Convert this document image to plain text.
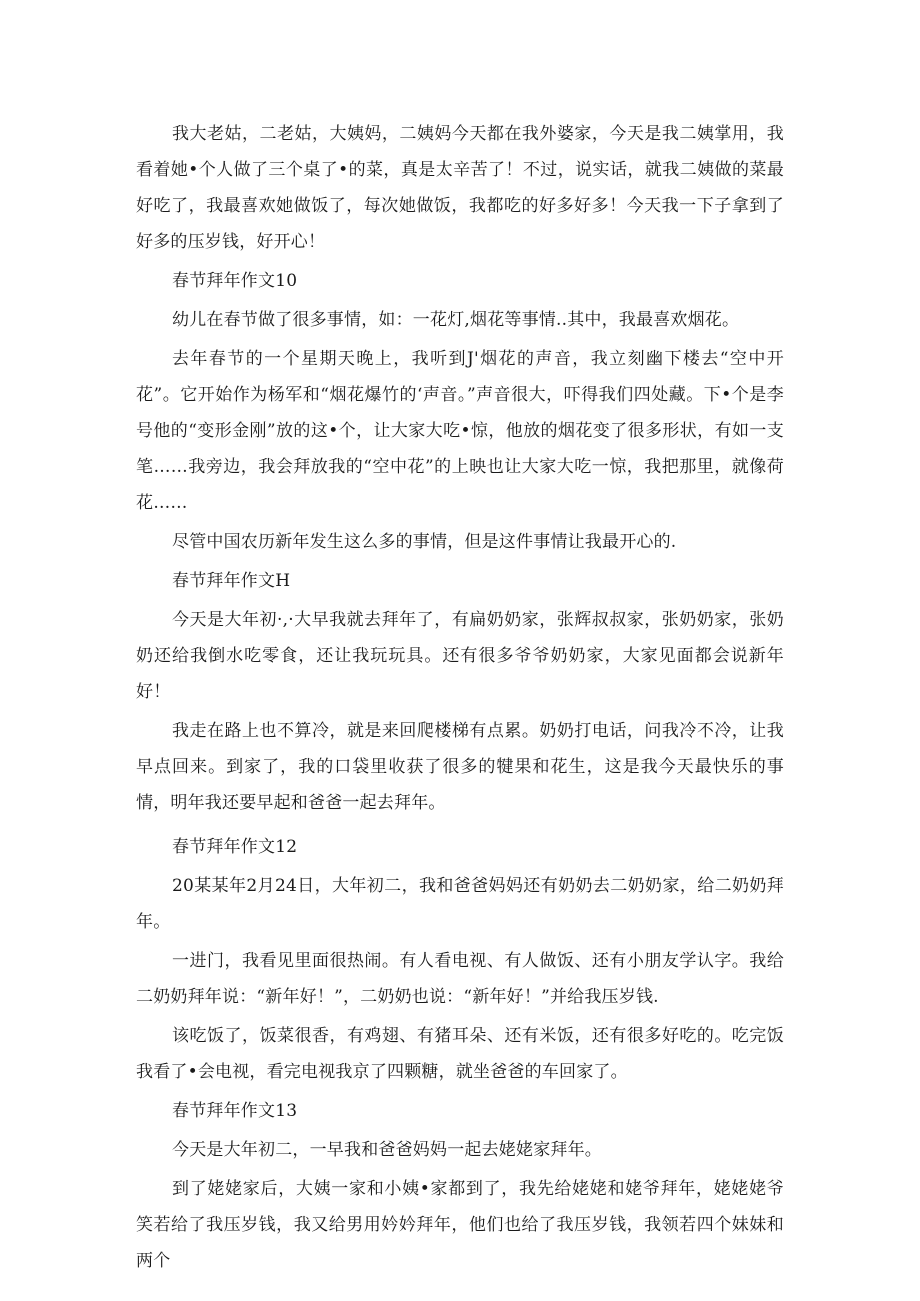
我大老姑，二老姑，大姨妈，二姨妈今天都在我外婆家，今天是我二姨掌用，我看着她•个人做了三个桌了•的菜，真是太辛苦了！不过，说实话，就我二姨做的菜最好吃了，我最喜欢她做饭了，每次她做饭，我都吃的好多好多！今天我一下子拿到了好多的压岁钱，好开心！

春节拜年作文10

幼儿在春节做了很多事情，如：一花灯,烟花等事情..其中，我最喜欢烟花。

去年春节的一个星期天晚上，我听到J'烟花的声音，我立刻幽下楼去“空中开花”。它开始作为杨军和“烟花爆竹的‘声音。”声音很大，吓得我们四处藏。下•个是李号他的“变形金刚”放的这•个，让大家大吃•惊，他放的烟花变了很多形状，有如一支笔……我旁边，我会拜放我的“空中花”的上映也让大家大吃一惊，我把那里，就像荷花……

尽管中国农历新年发生这么多的事情，但是这件事情让我最开心的.

春节拜年作文H

今天是大年初·,·大早我就去拜年了，有扁奶奶家，张辉叔叔家，张奶奶家，张奶奶还给我倒水吃零食，还让我玩玩具。还有很多爷爷奶奶家，大家见面都会说新年好！

我走在路上也不算冷，就是来回爬楼梯有点累。奶奶打电话，问我冷不冷，让我早点回来。到家了，我的口袋里收获了很多的犍果和花生，这是我今天最快乐的事情，明年我还要早起和爸爸一起去拜年。

春节拜年作文12

20某某年2月24日，大年初二，我和爸爸妈妈还有奶奶去二奶奶家，给二奶奶拜年。

一进门，我看见里面很热闹。有人看电视、有人做饭、还有小朋友学认字。我给二奶奶拜年说：“新年好！”，二奶奶也说：“新年好！”并给我压岁钱.

该吃饭了，饭菜很香，有鸡翅、有猪耳朵、还有米饭，还有很多好吃的。吃完饭我看了•会电视，看完电视我京了四颗糖，就坐爸爸的车回家了。

春节拜年作文13

今天是大年初二，一早我和爸爸妈妈一起去姥姥家拜年。

到了姥姥家后，大姨一家和小姨•家都到了，我先给姥姥和姥爷拜年，姥姥姥爷笑若给了我压岁钱，我又给男用妗妗拜年，他们也给了我压岁钱，我领若四个妹妹和两个
